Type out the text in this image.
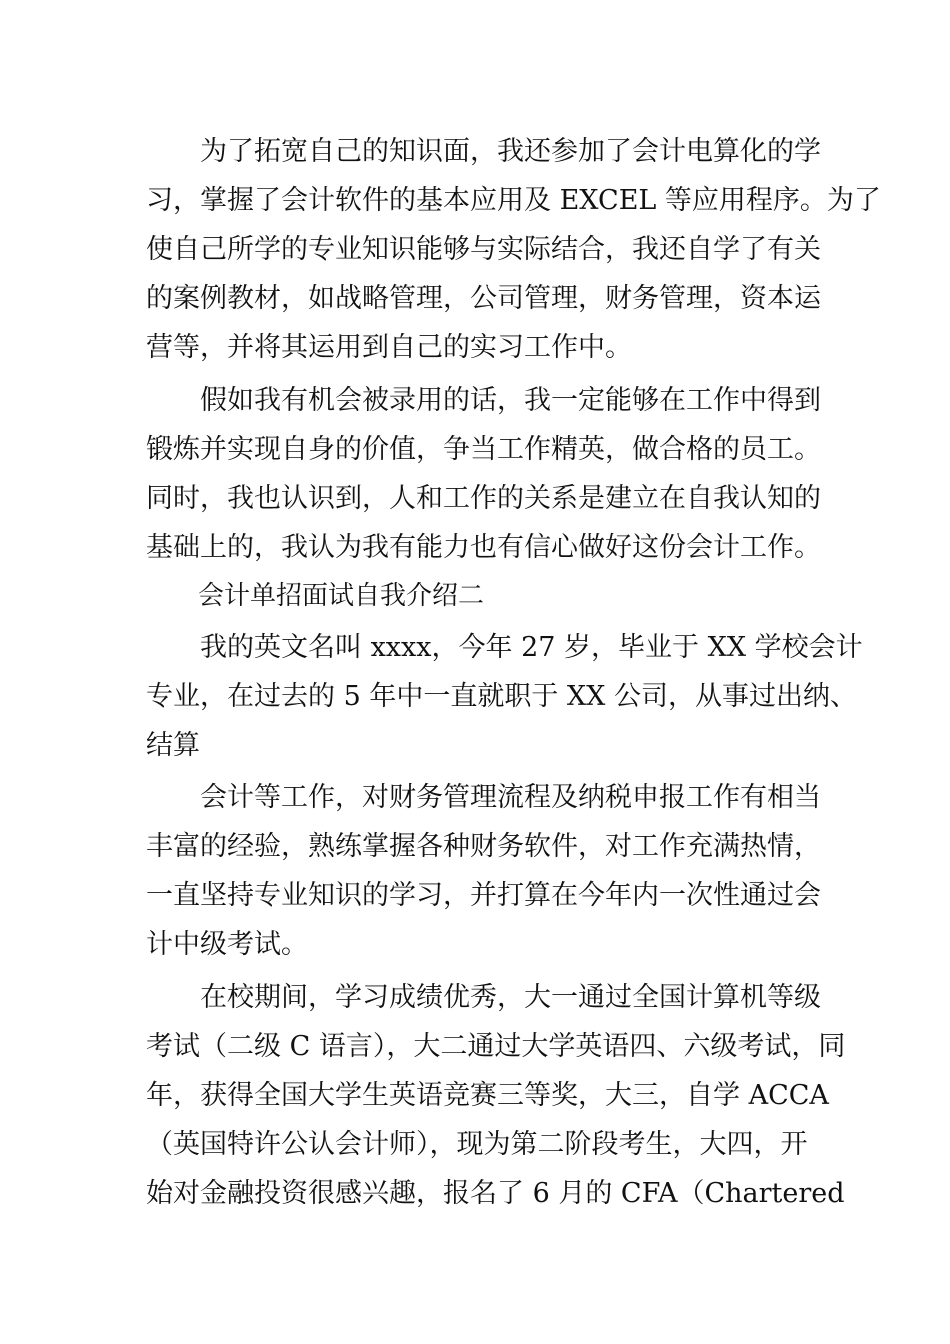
为了拓宽自己的知识面，我还参加了会计电算化的学
习，掌握了会计软件的基本应用及 EXCEL 等应用程序。为了
使自己所学的专业知识能够与实际结合，我还自学了有关
的案例教材，如战略管理，公司管理，财务管理，资本运
营等，并将其运用到自己的实习工作中。
假如我有机会被录用的话，我一定能够在工作中得到
锻炼并实现自身的价值，争当工作精英，做合格的员工。
同时，我也认识到，人和工作的关系是建立在自我认知的
基础上的，我认为我有能力也有信心做好这份会计工作。
会计单招面试自我介绍二
我的英文名叫 xxxx，今年 27 岁，毕业于 XX 学校会计
专业，在过去的 5 年中一直就职于 XX 公司，从事过出纳、
结算
会计等工作，对财务管理流程及纳税申报工作有相当
丰富的经验，熟练掌握各种财务软件，对工作充满热情，
一直坚持专业知识的学习，并打算在今年内一次性通过会
计中级考试。
在校期间，学习成绩优秀，大一通过全国计算机等级
考试（二级 C 语言），大二通过大学英语四、六级考试，同
年，获得全国大学生英语竞赛三等奖，大三，自学 ACCA
（英国特许公认会计师），现为第二阶段考生，大四，开
始对金融投资很感兴趣，报名了 6 月的 CFA（Chartered
